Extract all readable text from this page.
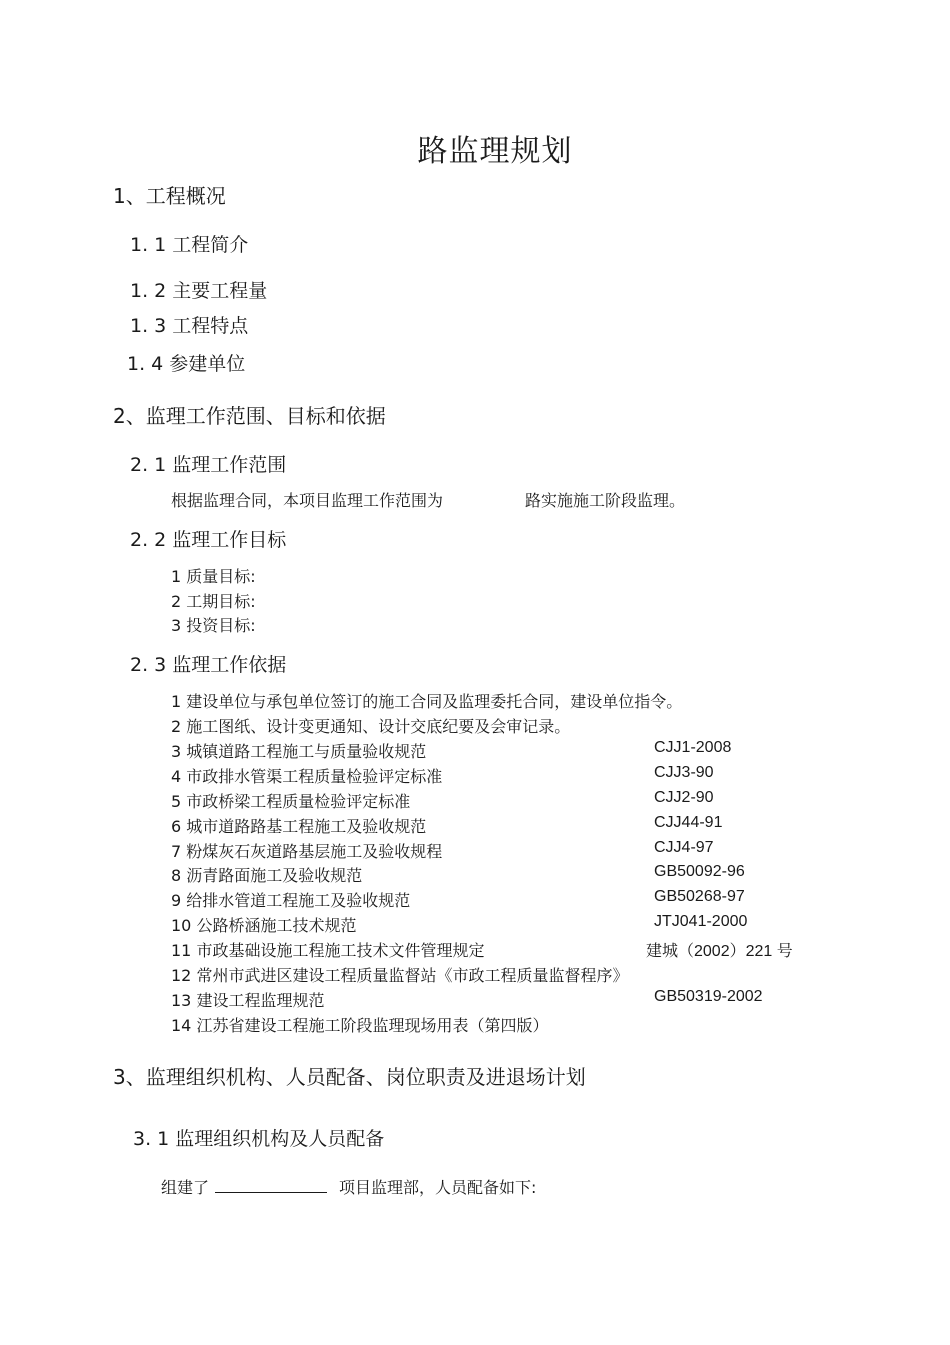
路监理规划
1、工程概况
1. 1 工程简介
1. 2 主要工程量
1. 3 工程特点
1. 4 参建单位
2、监理工作范围、目标和依据
2. 1 监理工作范围
根据监理合同，本项目监理工作范围为	路实施施工阶段监理。
2. 2 监理工作目标
1 质量目标:
2 工期目标:
3 投资目标:
2. 3 监理工作依据
1 建设单位与承包单位签订的施工合同及监理委托合同，建设单位指令。
2 施工图纸、设计变更通知、设计交底纪要及会审记录。
3 城镇道路工程施工与质量验收规范	CJJ1-2008
4 市政排水管渠工程质量检验评定标准	CJJ3-90
5 市政桥梁工程质量检验评定标准	CJJ2-90
6 城市道路路基工程施工及验收规范	CJJ44-91
7 粉煤灰石灰道路基层施工及验收规程	CJJ4-97
8 沥青路面施工及验收规范	GB50092-96
9 给排水管道工程施工及验收规范	GB50268-97
10 公路桥涵施工技术规范	JTJ041-2000
11 市政基础设施工程施工技术文件管理规定	建城（2002）221 号
12 常州市武进区建设工程质量监督站《市政工程质量监督程序》
13 建设工程监理规范	GB50319-2002
14 江苏省建设工程施工阶段监理现场用表（第四版）
3、监理组织机构、人员配备、岗位职责及进退场计划
3. 1 监理组织机构及人员配备
组建了	项目监理部，人员配备如下:
